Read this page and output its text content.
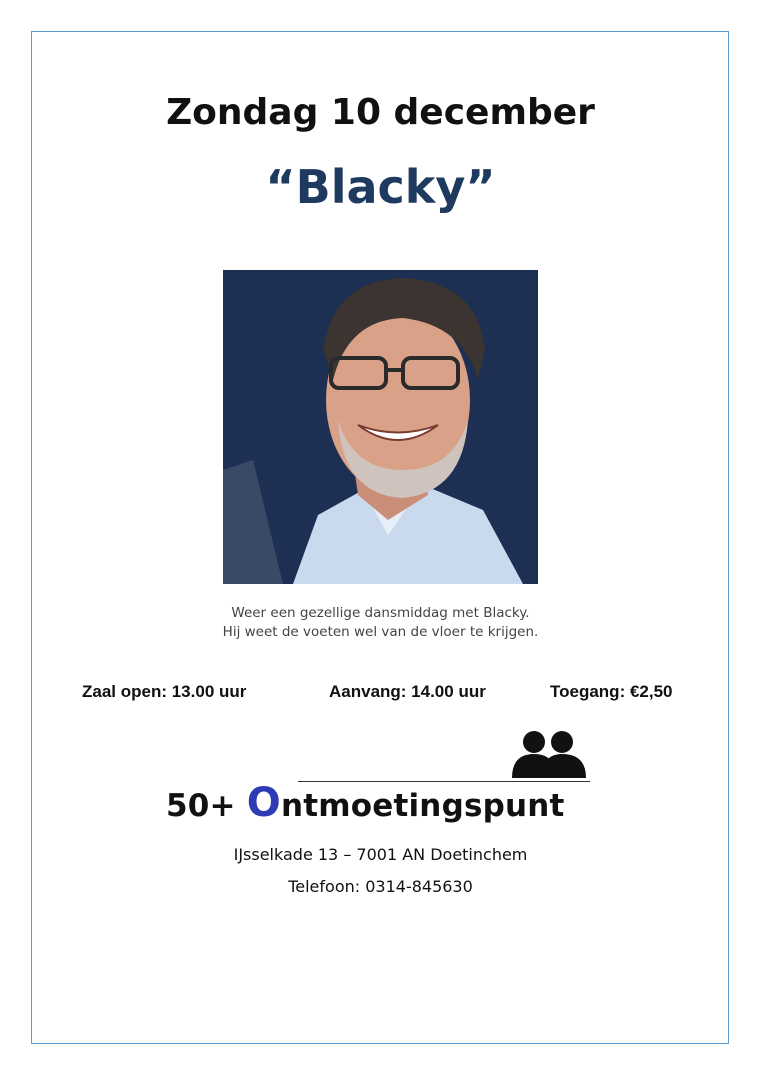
Zondag 10 december
“Blacky”
Weer een gezellige dansmiddag met Blacky.
Hij weet de voeten wel van de vloer te krijgen.
Zaal open: 13.00 uur	Aanvang: 14.00 uur	Toegang: €2,50
50+ Ontmoetingspunt
IJsselkade 13 – 7001 AN Doetinchem
Telefoon: 0314-845630
